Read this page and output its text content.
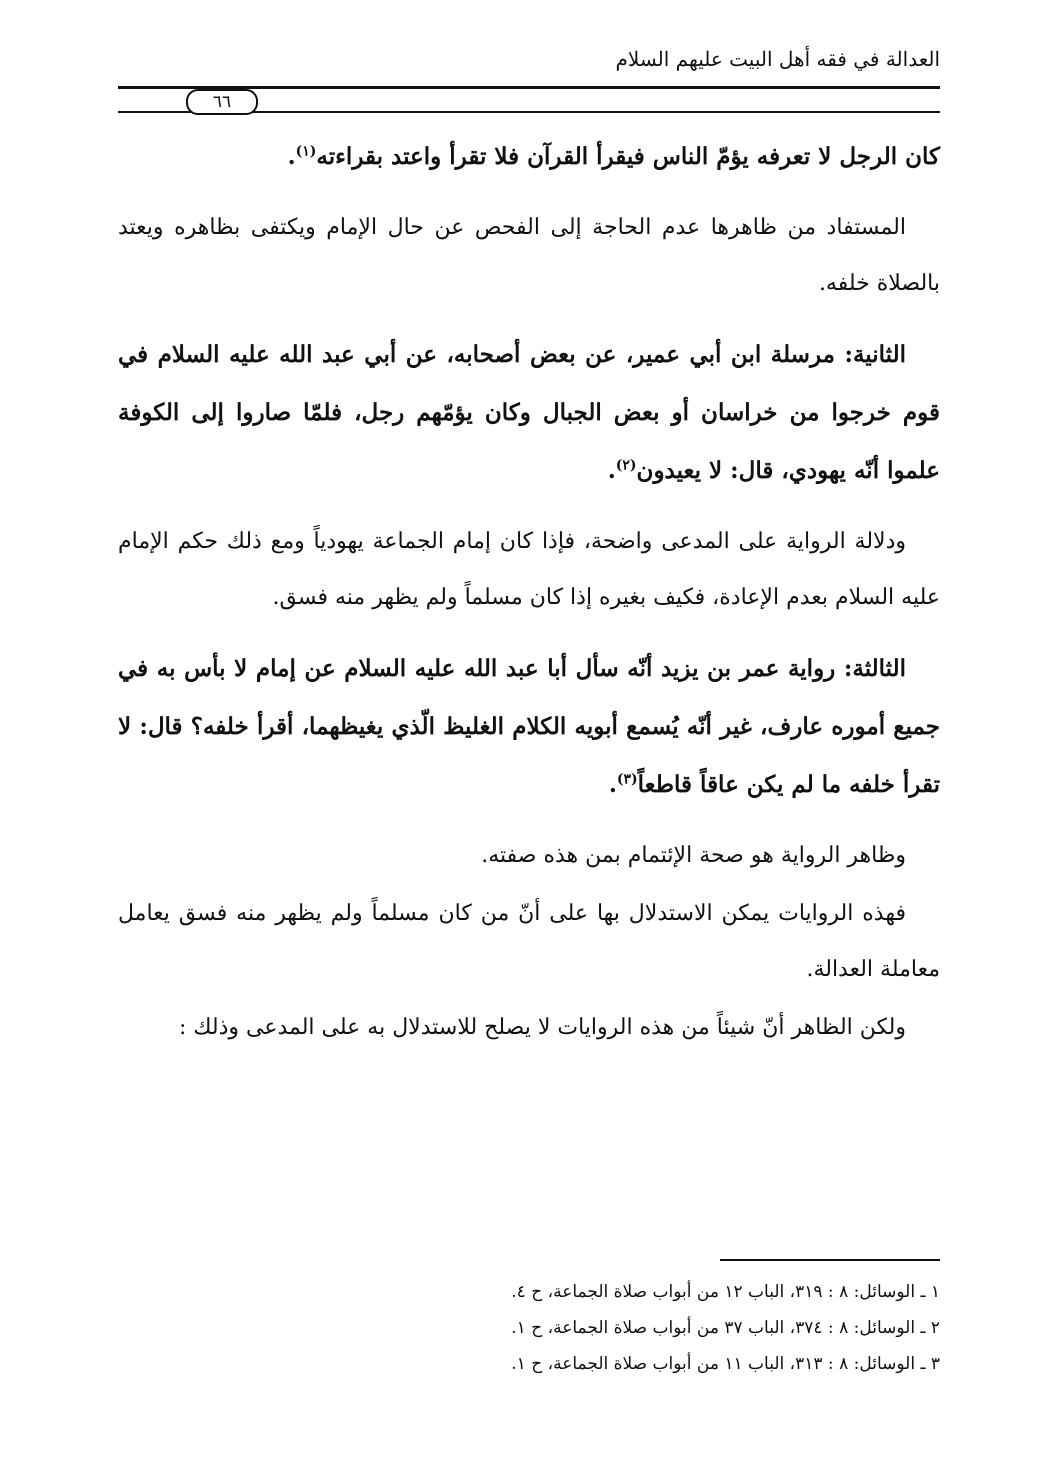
العدالة في فقه أهل البيت عليهم السلام
٦٦

كان الرجل لا تعرفه يؤمّ الناس فيقرأ القرآن فلا تقرأ واعتد بقراءته$^{(١)}$.

المستفاد من ظاهرها عدم الحاجة إلى الفحص عن حال الإمام ويكتفى بظاهره ويعتد بالصلاة خلفه.

الثانية: مرسلة ابن أبي عمير، عن بعض أصحابه، عن أبي عبد الله عليه السلام في قوم خرجوا من خراسان أو بعض الجبال وكان يؤمّهم رجل، فلمّا صاروا إلى الكوفة علموا أنّه يهودي، قال: لا يعيدون$^{(٢)}$.

ودلالة الرواية على المدعى واضحة، فإذا كان إمام الجماعة يهودياً ومع ذلك حكم الإمام عليه السلام بعدم الإعادة، فكيف بغيره إذا كان مسلماً ولم يظهر منه فسق.

الثالثة: رواية عمر بن يزيد أنّه سأل أبا عبد الله عليه السلام عن إمام لا بأس به في جميع أموره عارف، غير أنّه يُسمع أبويه الكلام الغليظ الّذي يغيظهما، أقرأ خلفه؟ قال: لا تقرأ خلفه ما لم يكن عاقاً قاطعاً$^{(٣)}$.

وظاهر الرواية هو صحة الإئتمام بمن هذه صفته.

فهذه الروايات يمكن الاستدلال بها على أنّ من كان مسلماً ولم يظهر منه فسق يعامل معاملة العدالة.

ولكن الظاهر أنّ شيئاً من هذه الروايات لا يصلح للاستدلال به على المدعى وذلك :

١ ـ الوسائل: ٨ : ٣١٩، الباب ١٢ من أبواب صلاة الجماعة، ح ٤.

٢ ـ الوسائل: ٨ : ٣٧٤، الباب ٣٧ من أبواب صلاة الجماعة، ح ١.

٣ ـ الوسائل: ٨ : ٣١٣، الباب ١١ من أبواب صلاة الجماعة، ح ١.
